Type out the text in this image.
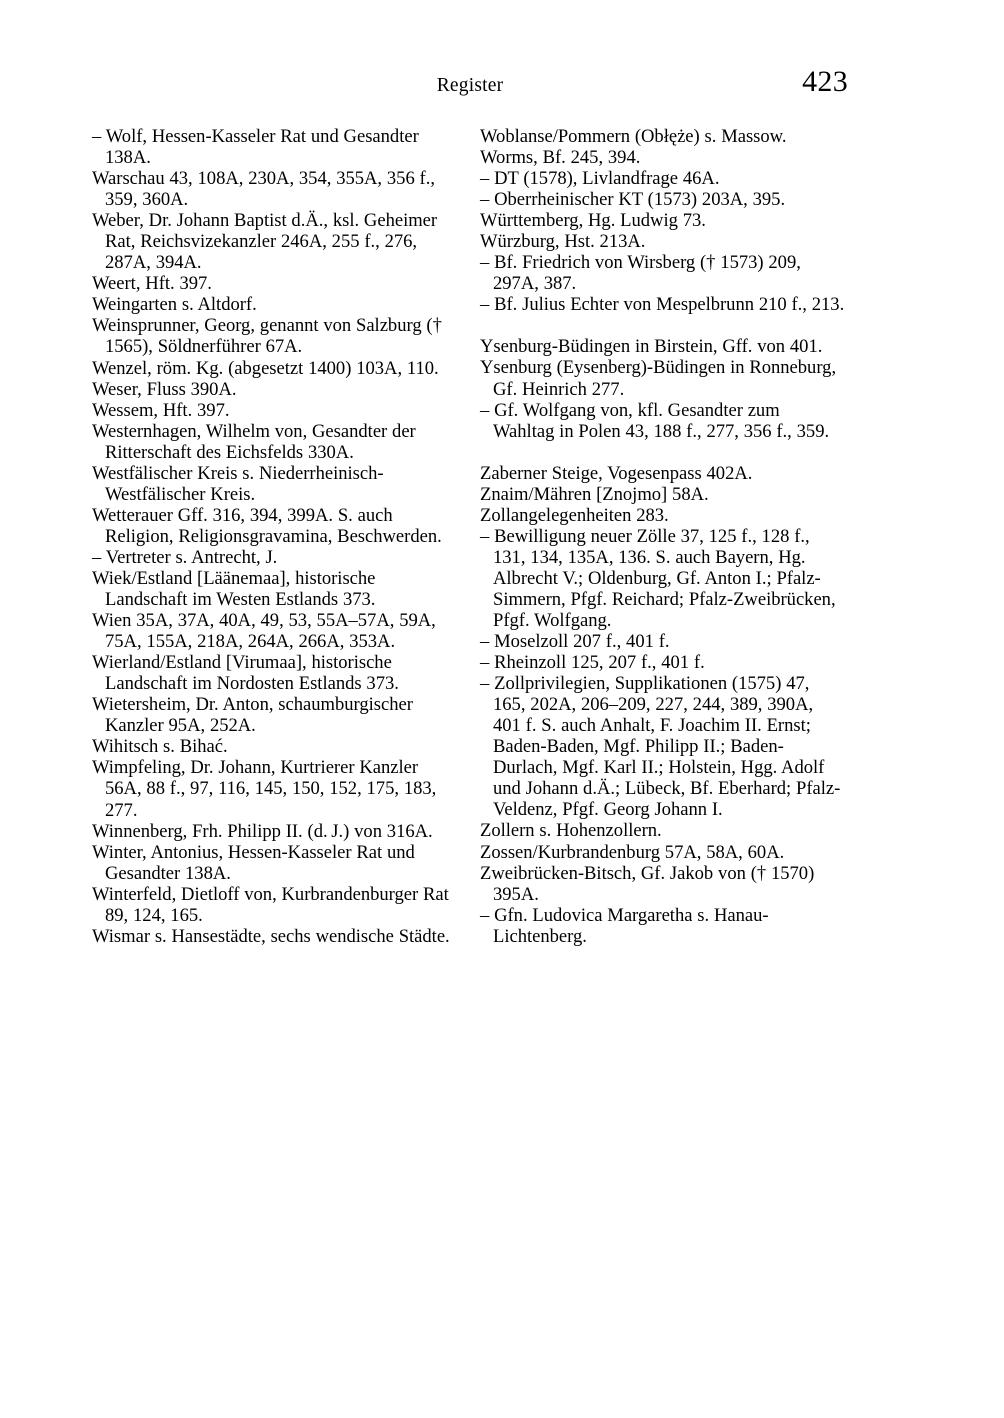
Register	423

– Wolf, Hessen-Kasseler Rat und Gesandter 138A.

Warschau 43, 108A, 230A, 354, 355A, 356 f., 359, 360A.

Weber, Dr. Johann Baptist d.Ä., ksl. Geheimer Rat, Reichsvizekanzler 246A, 255 f., 276, 287A, 394A.

Weert, Hft. 397.

Weingarten s. Altdorf.

Weinsprunner, Georg, genannt von Salzburg († 1565), Söldnerführer 67A.

Wenzel, röm. Kg. (abgesetzt 1400) 103A, 110.

Weser, Fluss 390A.

Wessem, Hft. 397.

Westernhagen, Wilhelm von, Gesandter der Ritterschaft des Eichsfelds 330A.

Westfälischer Kreis s. Niederrheinisch-Westfälischer Kreis.

Wetterauer Gff. 316, 394, 399A. S. auch Religion, Religionsgravamina, Beschwerden.

– Vertreter s. Antrecht, J.

Wiek/Estland [Läänemaa], historische Landschaft im Westen Estlands 373.

Wien 35A, 37A, 40A, 49, 53, 55A–57A, 59A, 75A, 155A, 218A, 264A, 266A, 353A.

Wierland/Estland [Virumaa], historische Landschaft im Nordosten Estlands 373.

Wietersheim, Dr. Anton, schaumburgischer Kanzler 95A, 252A.

Wihitsch s. Bihać.

Wimpfeling, Dr. Johann, Kurtrierer Kanzler 56A, 88 f., 97, 116, 145, 150, 152, 175, 183, 277.

Winnenberg, Frh. Philipp II. (d. J.) von 316A.

Winter, Antonius, Hessen-Kasseler Rat und Gesandter 138A.

Winterfeld, Dietloff von, Kurbrandenburger Rat 89, 124, 165.

Wismar s. Hansestädte, sechs wendische Städte.

Woblanse/Pommern (Obłęże) s. Massow.

Worms, Bf. 245, 394.

– DT (1578), Livlandfrage 46A.

– Oberrheinischer KT (1573) 203A, 395.

Württemberg, Hg. Ludwig 73.

Würzburg, Hst. 213A.

– Bf. Friedrich von Wirsberg († 1573) 209, 297A, 387.

– Bf. Julius Echter von Mespelbrunn 210 f., 213.

Ysenburg-Büdingen in Birstein, Gff. von 401.

Ysenburg (Eysenberg)-Büdingen in Ronneburg, Gf. Heinrich 277.

– Gf. Wolfgang von, kfl. Gesandter zum Wahltag in Polen 43, 188 f., 277, 356 f., 359.

Zaberner Steige, Vogesenpass 402A.

Znaim/Mähren [Znojmo] 58A.

Zollangelegenheiten 283.

– Bewilligung neuer Zölle 37, 125 f., 128 f., 131, 134, 135A, 136. S. auch Bayern, Hg. Albrecht V.; Oldenburg, Gf. Anton I.; Pfalz-Simmern, Pfgf. Reichard; Pfalz-Zweibrücken, Pfgf. Wolfgang.

– Moselzoll 207 f., 401 f.

– Rheinzoll 125, 207 f., 401 f.

– Zollprivilegien, Supplikationen (1575) 47, 165, 202A, 206–209, 227, 244, 389, 390A, 401 f. S. auch Anhalt, F. Joachim II. Ernst; Baden-Baden, Mgf. Philipp II.; Baden-Durlach, Mgf. Karl II.; Holstein, Hgg. Adolf und Johann d.Ä.; Lübeck, Bf. Eberhard; Pfalz-Veldenz, Pfgf. Georg Johann I.

Zollern s. Hohenzollern.

Zossen/Kurbrandenburg 57A, 58A, 60A.

Zweibrücken-Bitsch, Gf. Jakob von († 1570) 395A.

– Gfn. Ludovica Margaretha s. Hanau-Lichtenberg.
